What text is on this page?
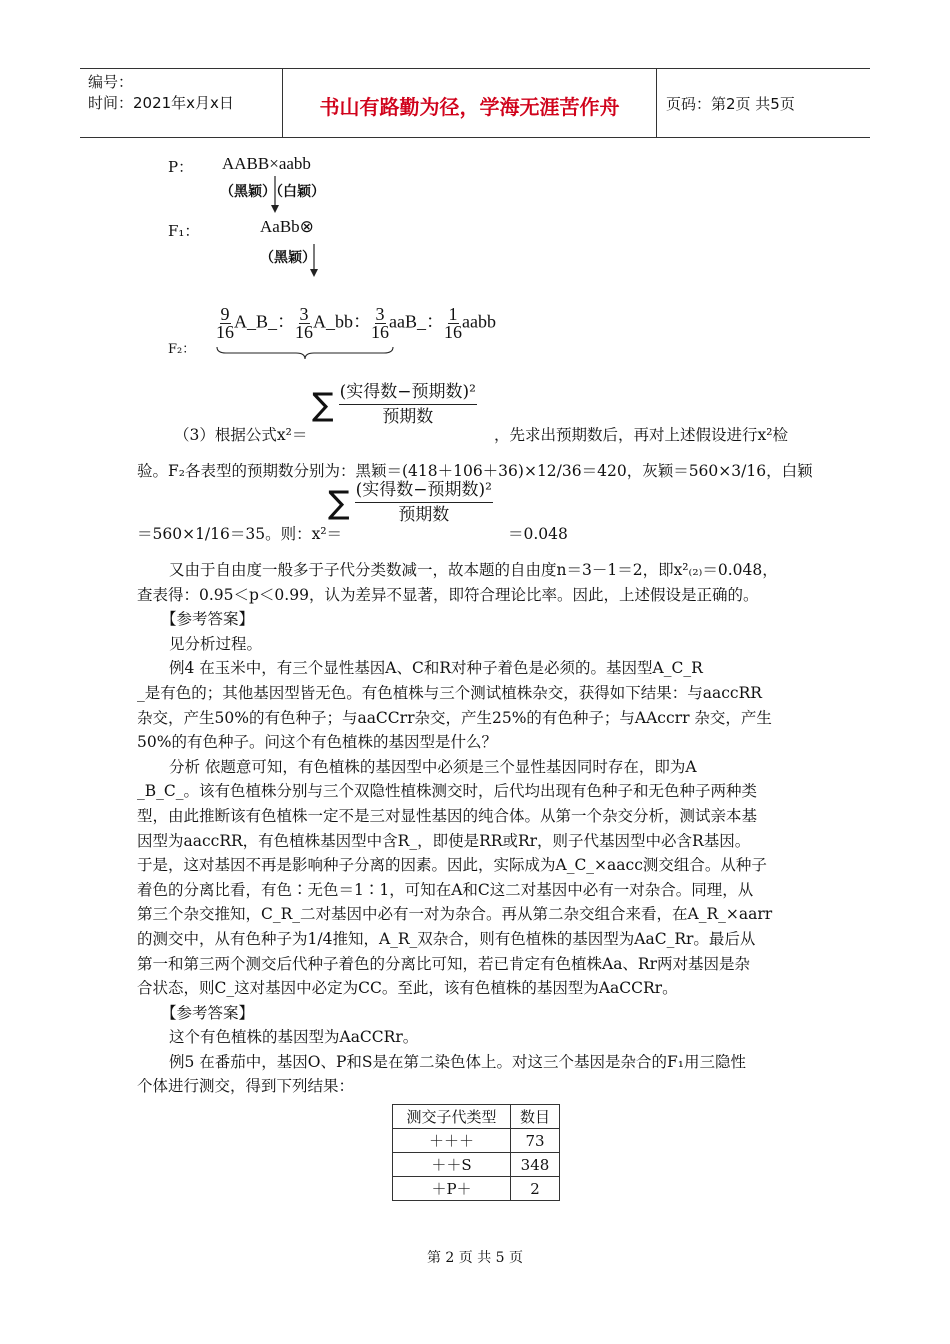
编号：
时间：2021年x月x日	书山有路勤为径，学海无涯苦作舟	页码：第2页 共5页
P： AABB×aabb
（黑颖）（白颖）
F₁：	AaBb⊗
（黑颖）
$\frac{9}{16}$ A_B_： $\frac{3}{16}$ A_bb： $\frac{3}{16}$ aaB_： $\frac{1}{16}$ aabb
F₂：
∑ $\frac{\text{(实得数−预期数)²}}{\text{预期数}}$
（3）根据公式x²＝	，先求出预期数后，再对上述假设进行x²检
验。F₂各表型的预期数分别为：黑颖＝(418＋106＋36)×12/36＝420，灰颖＝560×3/16，白颖
∑ $\frac{\text{(实得数−预期数)²}}{\text{预期数}}$
＝560×1/16＝35。则：x²＝	＝0.048

又由于自由度一般多于子代分类数减一，故本题的自由度n＝3－1＝2，即x²₍₂₎＝0.048，

查表得：0.95＜p＜0.99，认为差异不显著，即符合理论比率。因此，上述假设是正确的。

【参考答案】

见分析过程。

例4 在玉米中，有三个显性基因A、C和R对种子着色是必须的。基因型A_C_R

_是有色的；其他基因型皆无色。有色植株与三个测试植株杂交，获得如下结果：与aaccRR

杂交，产生50%的有色种子；与aaCCrr杂交，产生25%的有色种子；与AAccrr 杂交，产生

50%的有色种子。问这个有色植株的基因型是什么？

分析 依题意可知，有色植株的基因型中必须是三个显性基因同时存在，即为A

_B_C_。该有色植株分别与三个双隐性植株测交时，后代均出现有色种子和无色种子两种类

型，由此推断该有色植株一定不是三对显性基因的纯合体。从第一个杂交分析，测试亲本基

因型为aaccRR，有色植株基因型中含R_，即使是RR或Rr，则子代基因型中必含R基因。

于是，这对基因不再是影响种子分离的因素。因此，实际成为A_C_×aacc测交组合。从种子

着色的分离比看，有色∶无色＝1∶1，可知在A和C这二对基因中必有一对杂合。同理，从

第三个杂交推知，C_R_二对基因中必有一对为杂合。再从第二杂交组合来看，在A_R_×aarr

的测交中，从有色种子为1/4推知，A_R_双杂合，则有色植株的基因型为AaC_Rr。最后从

第一和第三两个测交后代种子着色的分离比可知，若已肯定有色植株Aa、Rr两对基因是杂

合状态，则C_这对基因中必定为CC。至此，该有色植株的基因型为AaCCRr。

【参考答案】

这个有色植株的基因型为AaCCRr。

例5 在番茄中，基因O、P和S是在第二染色体上。对这三个基因是杂合的F₁用三隐性

个体进行测交，得到下列结果：

测交子代类型	数目
＋＋＋	73
＋＋S	348
＋P＋	2
第 2 页 共 5 页
